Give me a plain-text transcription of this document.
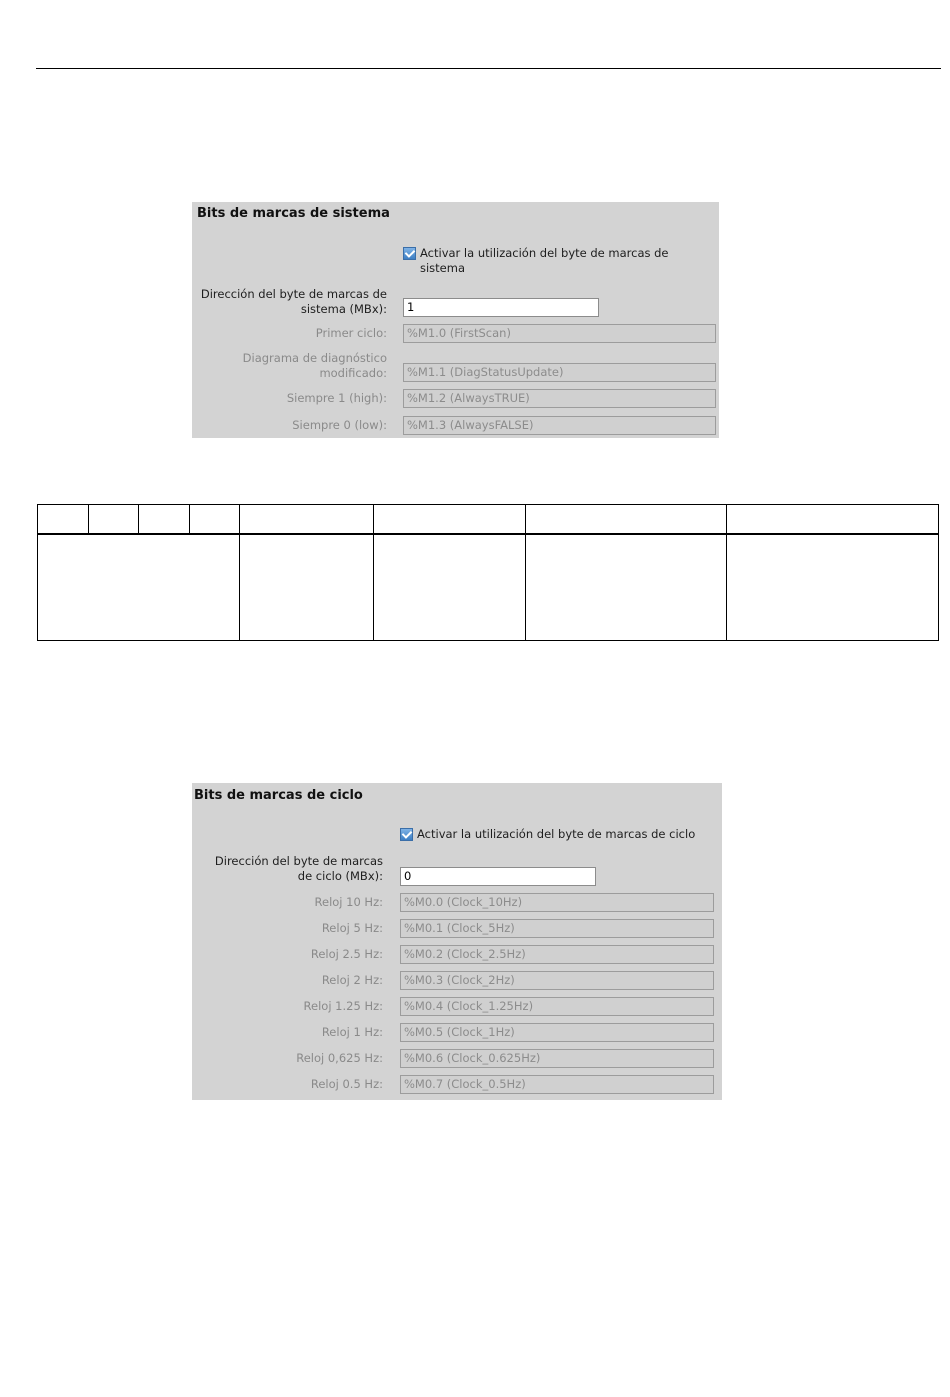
Bits de marcas de sistema
Activar la utilización del byte de marcas de sistema
Dirección del byte de marcas de sistema (MBx):	1
Primer ciclo:	%M1.0 (FirstScan)
Diagrama de diagnóstico modificado:	%M1.1 (DiagStatusUpdate)
Siempre 1 (high):	%M1.2 (AlwaysTRUE)
Siempre 0 (low):	%M1.3 (AlwaysFALSE)

Bits de marcas de ciclo
Activar la utilización del byte de marcas de ciclo
Dirección del byte de marcas de ciclo (MBx):	0
Reloj 10 Hz:	%M0.0 (Clock_10Hz)
Reloj 5 Hz:	%M0.1 (Clock_5Hz)
Reloj 2.5 Hz:	%M0.2 (Clock_2.5Hz)
Reloj 2 Hz:	%M0.3 (Clock_2Hz)
Reloj 1.25 Hz:	%M0.4 (Clock_1.25Hz)
Reloj 1 Hz:	%M0.5 (Clock_1Hz)
Reloj 0,625 Hz:	%M0.6 (Clock_0.625Hz)
Reloj 0.5 Hz:	%M0.7 (Clock_0.5Hz)
